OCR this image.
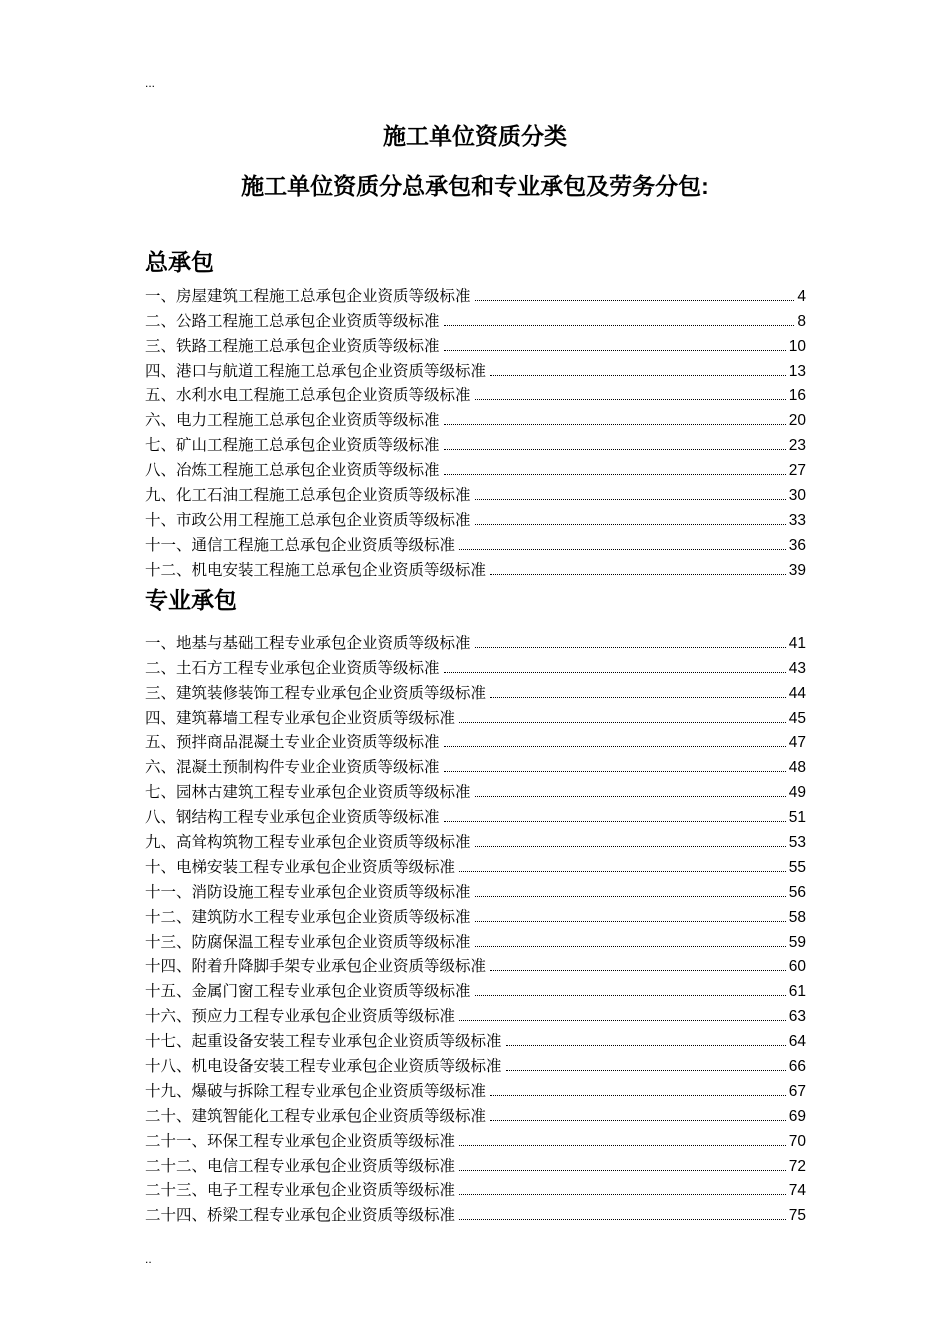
...
施工单位资质分类
施工单位资质分总承包和专业承包及劳务分包:
总承包
一、房屋建筑工程施工总承包企业资质等级标准	4
二、公路工程施工总承包企业资质等级标准	8
三、铁路工程施工总承包企业资质等级标准	10
四、港口与航道工程施工总承包企业资质等级标准	13
五、水利水电工程施工总承包企业资质等级标准	16
六、电力工程施工总承包企业资质等级标准	20
七、矿山工程施工总承包企业资质等级标准	23
八、冶炼工程施工总承包企业资质等级标准	27
九、化工石油工程施工总承包企业资质等级标准	30
十、市政公用工程施工总承包企业资质等级标准	33
十一、通信工程施工总承包企业资质等级标准	36
十二、机电安装工程施工总承包企业资质等级标准	39
专业承包
一、地基与基础工程专业承包企业资质等级标准	41
二、土石方工程专业承包企业资质等级标准	43
三、建筑装修装饰工程专业承包企业资质等级标准	44
四、建筑幕墙工程专业承包企业资质等级标准	45
五、预拌商品混凝土专业企业资质等级标准	47
六、混凝土预制构件专业企业资质等级标准	48
七、园林古建筑工程专业承包企业资质等级标准	49
八、钢结构工程专业承包企业资质等级标准	51
九、高耸构筑物工程专业承包企业资质等级标准	53
十、电梯安装工程专业承包企业资质等级标准	55
十一、消防设施工程专业承包企业资质等级标准	56
十二、建筑防水工程专业承包企业资质等级标准	58
十三、防腐保温工程专业承包企业资质等级标准	59
十四、附着升降脚手架专业承包企业资质等级标准	60
十五、金属门窗工程专业承包企业资质等级标准	61
十六、预应力工程专业承包企业资质等级标准	63
十七、起重设备安装工程专业承包企业资质等级标准	64
十八、机电设备安装工程专业承包企业资质等级标准	66
十九、爆破与拆除工程专业承包企业资质等级标准	67
二十、建筑智能化工程专业承包企业资质等级标准	69
二十一、环保工程专业承包企业资质等级标准	70
二十二、电信工程专业承包企业资质等级标准	72
二十三、电子工程专业承包企业资质等级标准	74
二十四、桥梁工程专业承包企业资质等级标准	75
..
